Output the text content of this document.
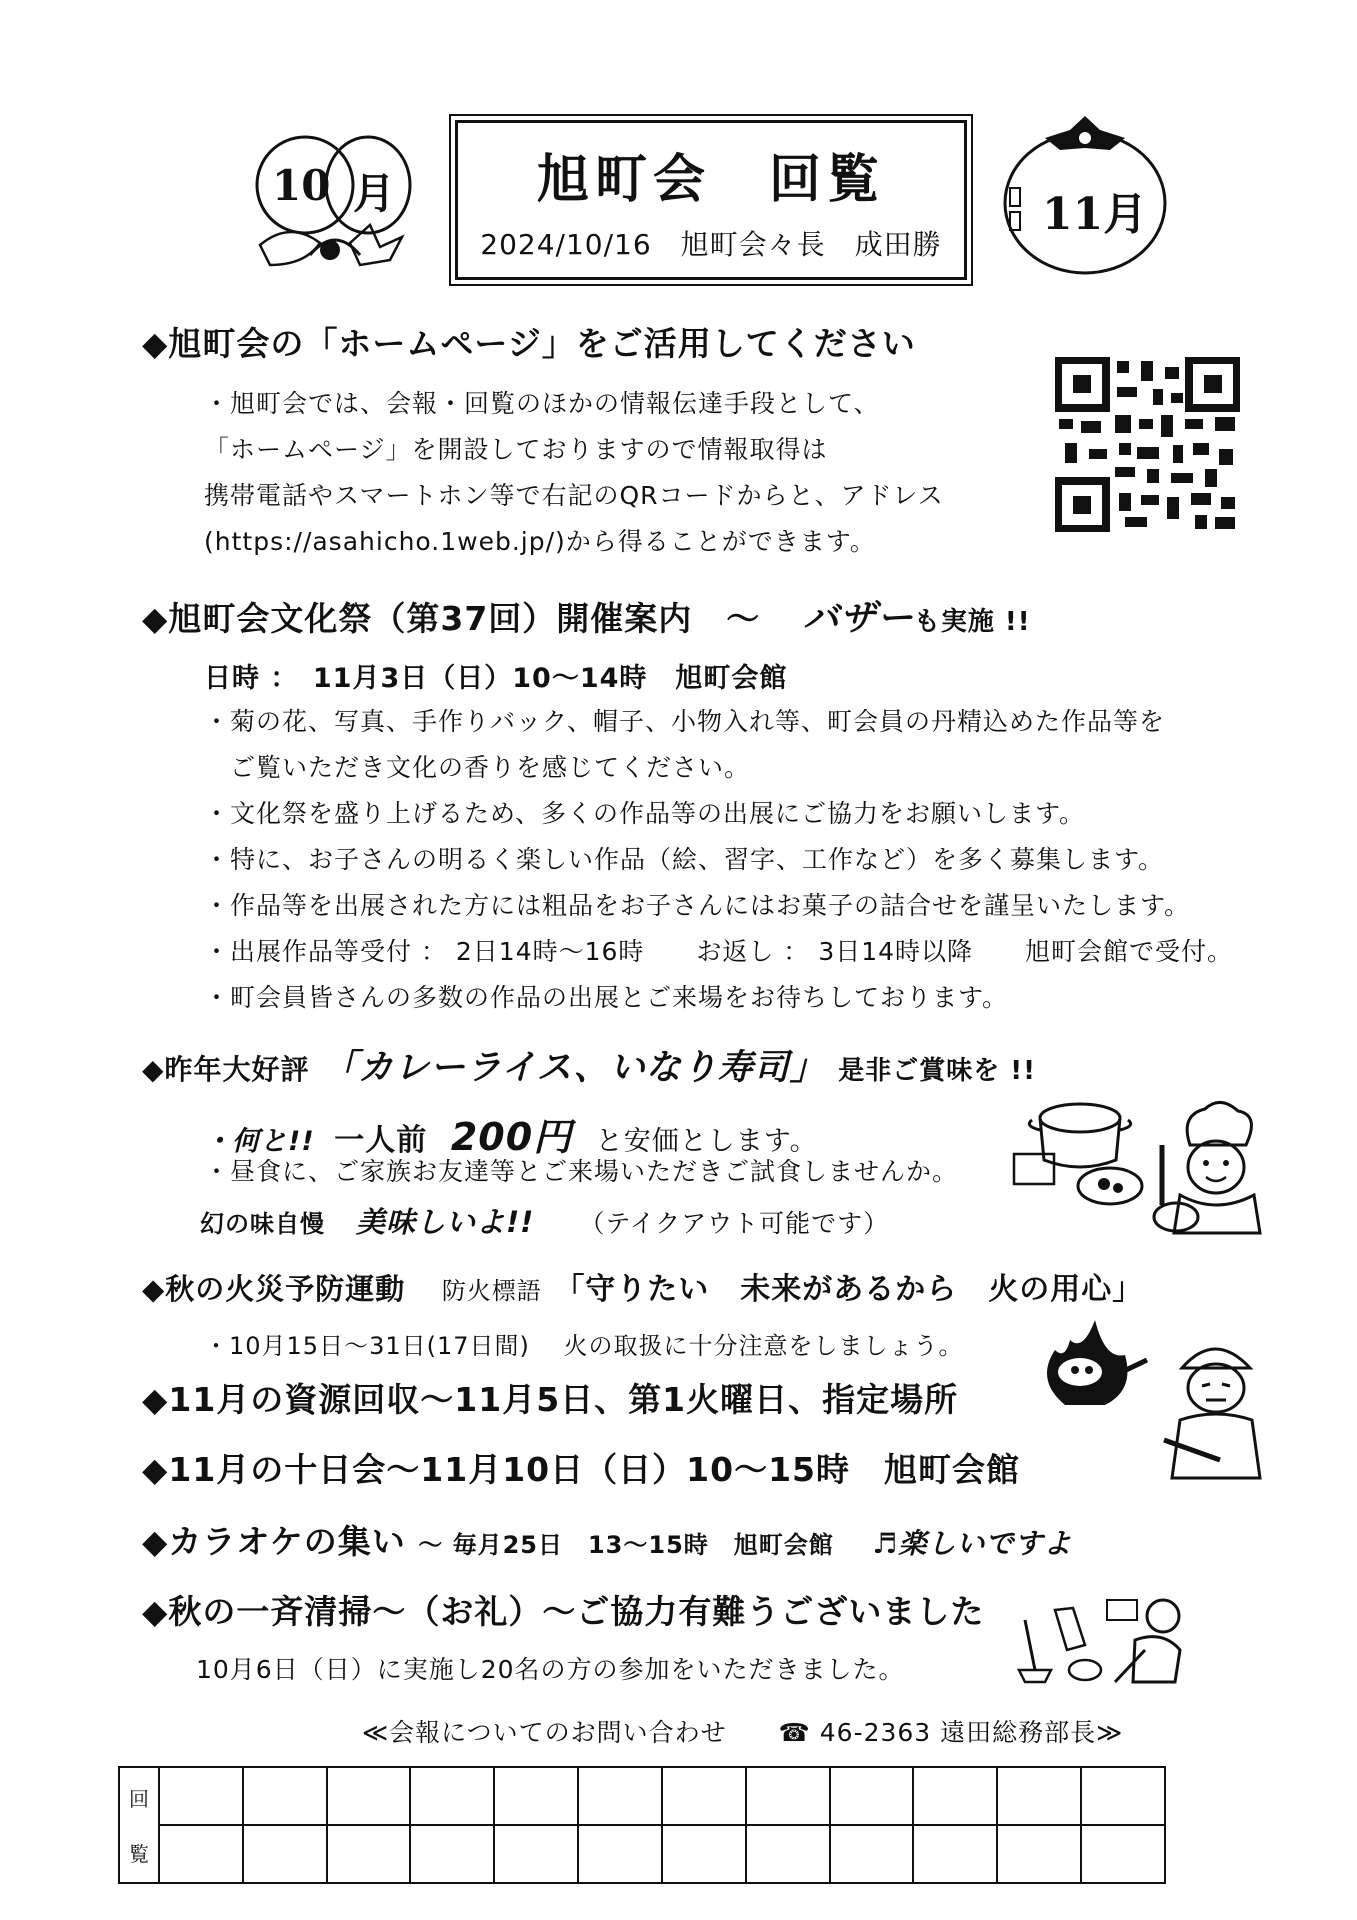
10 月	旭町会　回覧
2024/10/16　旭町会々長　成田勝
11月
◆旭町会の「ホームページ」をご活用してください
・旭町会では、会報・回覧のほかの情報伝達手段として、
「ホームページ」を開設しておりますので情報取得は
携帯電話やスマートホン等で右記のQRコードからと、アドレス
(https://asahicho.1web.jp/)から得ることができます。
◆旭町会文化祭（第37回）開催案内　～ バザーも実施 !!
日時 ：　11月3日（日）10～14時　旭町会館
・菊の花、写真、手作りバック、帽子、小物入れ等、町会員の丹精込めた作品等を
　ご覧いただき文化の香りを感じてください。
・文化祭を盛り上げるため、多くの作品等の出展にご協力をお願いします。
・特に、お子さんの明るく楽しい作品（絵、習字、工作など）を多く募集します。
・作品等を出展された方には粗品をお子さんにはお菓子の詰合せを謹呈いたします。
・出展作品等受付 ： 2日14時～16時　　お返し ： 3日14時以降　　旭町会館で受付。
・町会員皆さんの多数の作品の出展とご来場をお待ちしております。
◆昨年大好評 「カレーライス、いなり寿司」 是非ご賞味を !!
・何と!! 一人前 200円 と安価とします。
・昼食に、ご家族お友達等とご来場いただきご試食しませんか。
幻の味自慢 美味しいよ!! （テイクアウト可能です）
◆秋の火災予防運動 防火標語 「守りたい　未来があるから　火の用心」
・10月15日～31日(17日間)　 火の取扱に十分注意をしましょう。
◆11月の資源回収～11月5日、第1火曜日、指定場所
◆11月の十日会～11月10日（日）10～15時　旭町会館
◆カラオケの集い ～ 毎月25日　13～15時　旭町会館 ♬楽しいですよ
◆秋の一斉清掃～（お礼）～ご協力有難うございました
10月6日（日）に実施し20名の方の参加をいただきました。
≪会報についてのお問い合わせ　　☎ 46-2363 遠田総務部長≫
回
覧												
